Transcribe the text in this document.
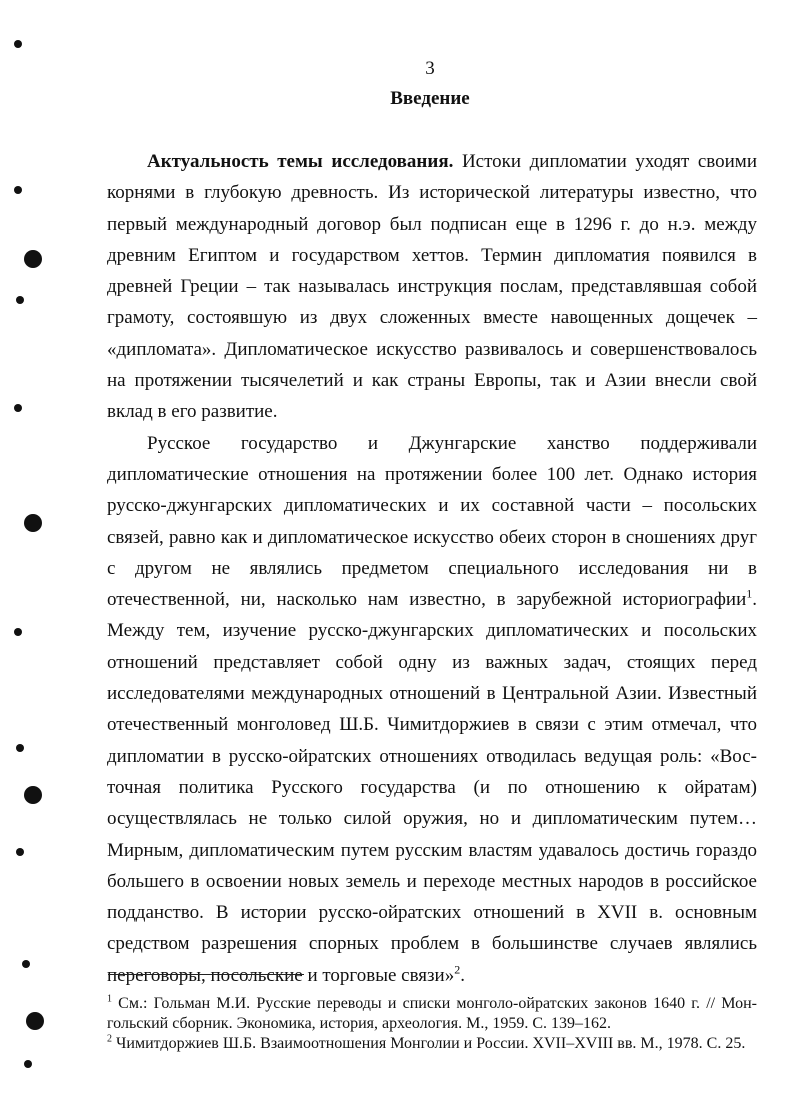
3
Введение

Актуальность темы исследования. Истоки дипломатии уходят своими корнями в глубокую древность. Из исторической литературы известно, что первый международный договор был подписан еще в 1296 г. до н.э. между древним Египтом и государством хеттов. Термин дипломатия появился в древней Греции – так называлась инструкция послам, представлявшая собой грамоту, состоявшую из двух сложенных вместе навощенных дощечек – «дипломата». Дипломатическое искусство развивалось и совершенствовалось на протяжении тысячелетий и как страны Европы, так и Азии внесли свой вклад в его развитие.

Русское государство и Джунгарские ханство поддерживали дипломатические отношения на протяжении более 100 лет. Однако история русско-джунгарских дипломатических и их составной части – посольских связей, равно как и дипломатическое искусство обеих сторон в сношениях друг с другом не являлись предметом специального исследования ни в отечественной, ни, насколько нам известно, в зарубежной историографии$^1$. Между тем, изучение русско-джунгарских дипломатических и посольских отношений представляет собой одну из важных задач, стоящих перед исследователями международных отношений в Центральной Азии. Известный отечественный монголовед Ш.Б. Чимитдоржиев в связи с этим отмечал, что дипломатии в русско-ойратских отношениях отводилась ведущая роль: «Восточная политика Русского государства (и по отношению к ойратам) осуществлялась не только силой оружия, но и дипломатическим путем… Мирным, дипломатическим путем русским властям удавалось достичь гораздо большего в освоении новых земель и переходе местных народов в российское подданство. В истории русско-ойратских отношений в XVII в. основным средством разрешения спорных проблем в большинстве случаев являлись переговоры, посольские и торговые связи»$^2$.

$^1$ См.: Гольман М.И. Русские переводы и списки монголо-ойратских законов 1640 г. // Монгольский сборник. Экономика, история, археология. М., 1959. С. 139–162.

$^2$ Чимитдоржиев Ш.Б. Взаимоотношения Монголии и России. XVII–XVIII вв. М., 1978. С. 25.
